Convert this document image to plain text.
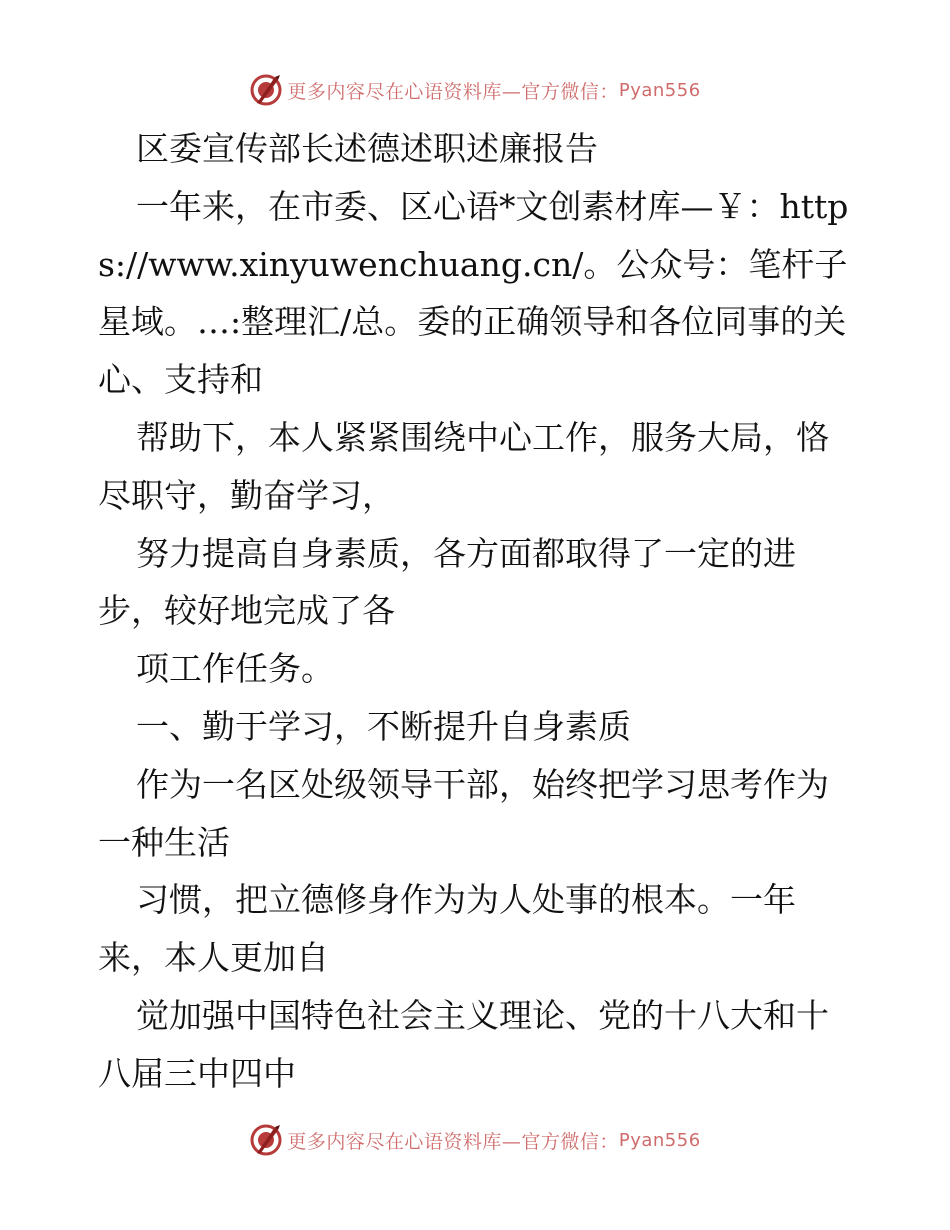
更多内容尽在心语资料库—官方微信： Pyan556

区委宣传部长述德述职述廉报告

一年来，在市委、区心语*文创素材库—￥：https://www.xinyuwenchuang.cn/。公众号：笔杆子星域。…:整理汇/总。委的正确领导和各位同事的关心、支持和

帮助下，本人紧紧围绕中心工作，服务大局，恪尽职守，勤奋学习，

努力提高自身素质，各方面都取得了一定的进步，较好地完成了各

项工作任务。

一、勤于学习，不断提升自身素质

作为一名区处级领导干部，始终把学习思考作为一种生活

习惯，把立德修身作为为人处事的根本。一年来，本人更加自

觉加强中国特色社会主义理论、党的十八大和十八届三中四中

更多内容尽在心语资料库—官方微信： Pyan556
